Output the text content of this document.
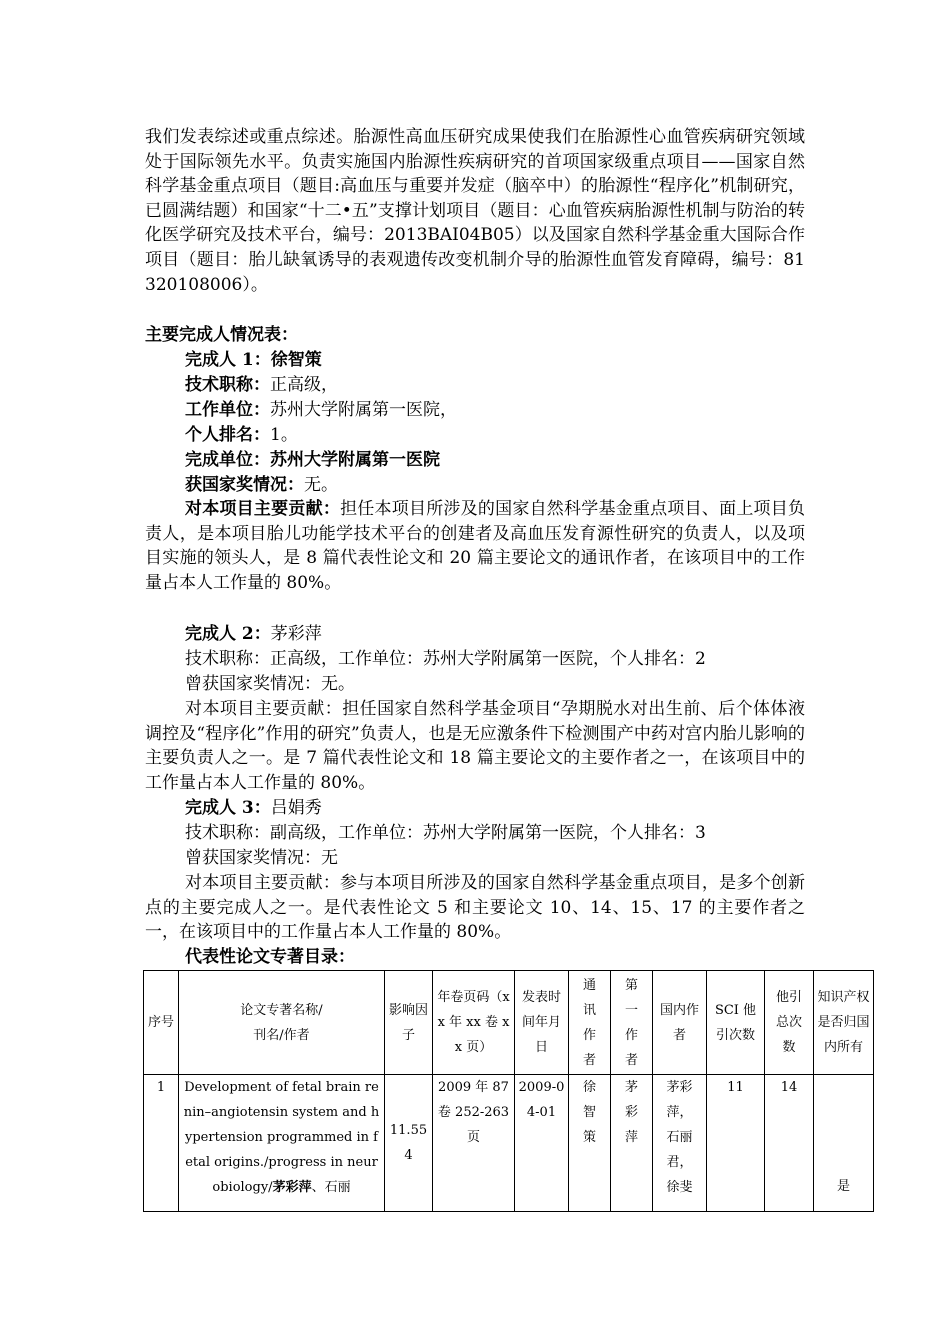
我们发表综述或重点综述。胎源性高血压研究成果使我们在胎源性心血管疾病研究领域处于国际领先水平。负责实施国内胎源性疾病研究的首项国家级重点项目——国家自然科学基金重点项目（题目:高血压与重要并发症（脑卒中）的胎源性“程序化”机制研究，已圆满结题）和国家“十二•五”支撑计划项目（题目：心血管疾病胎源性机制与防治的转化医学研究及技术平台，编号：2013BAI04B05）以及国家自然科学基金重大国际合作项目（题目：胎儿缺氧诱导的表观遗传改变机制介导的胎源性血管发育障碍，编号：81320108006）。
主要完成人情况表：
完成人 1：徐智策
技术职称：正高级，
工作单位：苏州大学附属第一医院，
个人排名：1。
完成单位：苏州大学附属第一医院
获国家奖情况：无。
对本项目主要贡献：担任本项目所涉及的国家自然科学基金重点项目、面上项目负责人，是本项目胎儿功能学技术平台的创建者及高血压发育源性研究的负责人，以及项目实施的领头人，是 8 篇代表性论文和 20 篇主要论文的通讯作者，在该项目中的工作量占本人工作量的 80%。
完成人 2：茅彩萍
技术职称：正高级，工作单位：苏州大学附属第一医院，个人排名：2
曾获国家奖情况：无。
对本项目主要贡献：担任国家自然科学基金项目“孕期脱水对出生前、后个体体液调控及“程序化”作用的研究”负责人，也是无应激条件下检测围产中药对宫内胎儿影响的主要负责人之一。是 7 篇代表性论文和 18 篇主要论文的主要作者之一，在该项目中的工作量占本人工作量的 80%。
完成人 3：吕娟秀
技术职称：副高级，工作单位：苏州大学附属第一医院，个人排名：3
曾获国家奖情况：无
对本项目主要贡献：参与本项目所涉及的国家自然科学基金重点项目，是多个创新点的主要完成人之一。是代表性论文 5 和主要论文 10、14、15、17 的主要作者之一，在该项目中的工作量占本人工作量的 80%。
代表性论文专著目录：
序号	论文专著名称/刊名/作者	影响因子	年卷页码（xx 年 xx 卷 xx 页）	发表时间年月日	通讯作者	第一作者	国内作者	SCI 他引次数	他引总次数	知识产权是否归国内所有
1	Development of fetal brain renin–angiotensin system and hypertension programmed in fetal origins./progress in neurobiology/茅彩萍、石丽	11.554	2009 年 87 卷 252-263 页	2009-04-01	徐智策	茅彩萍	茅彩萍，石丽君，徐斐	11	14	是
